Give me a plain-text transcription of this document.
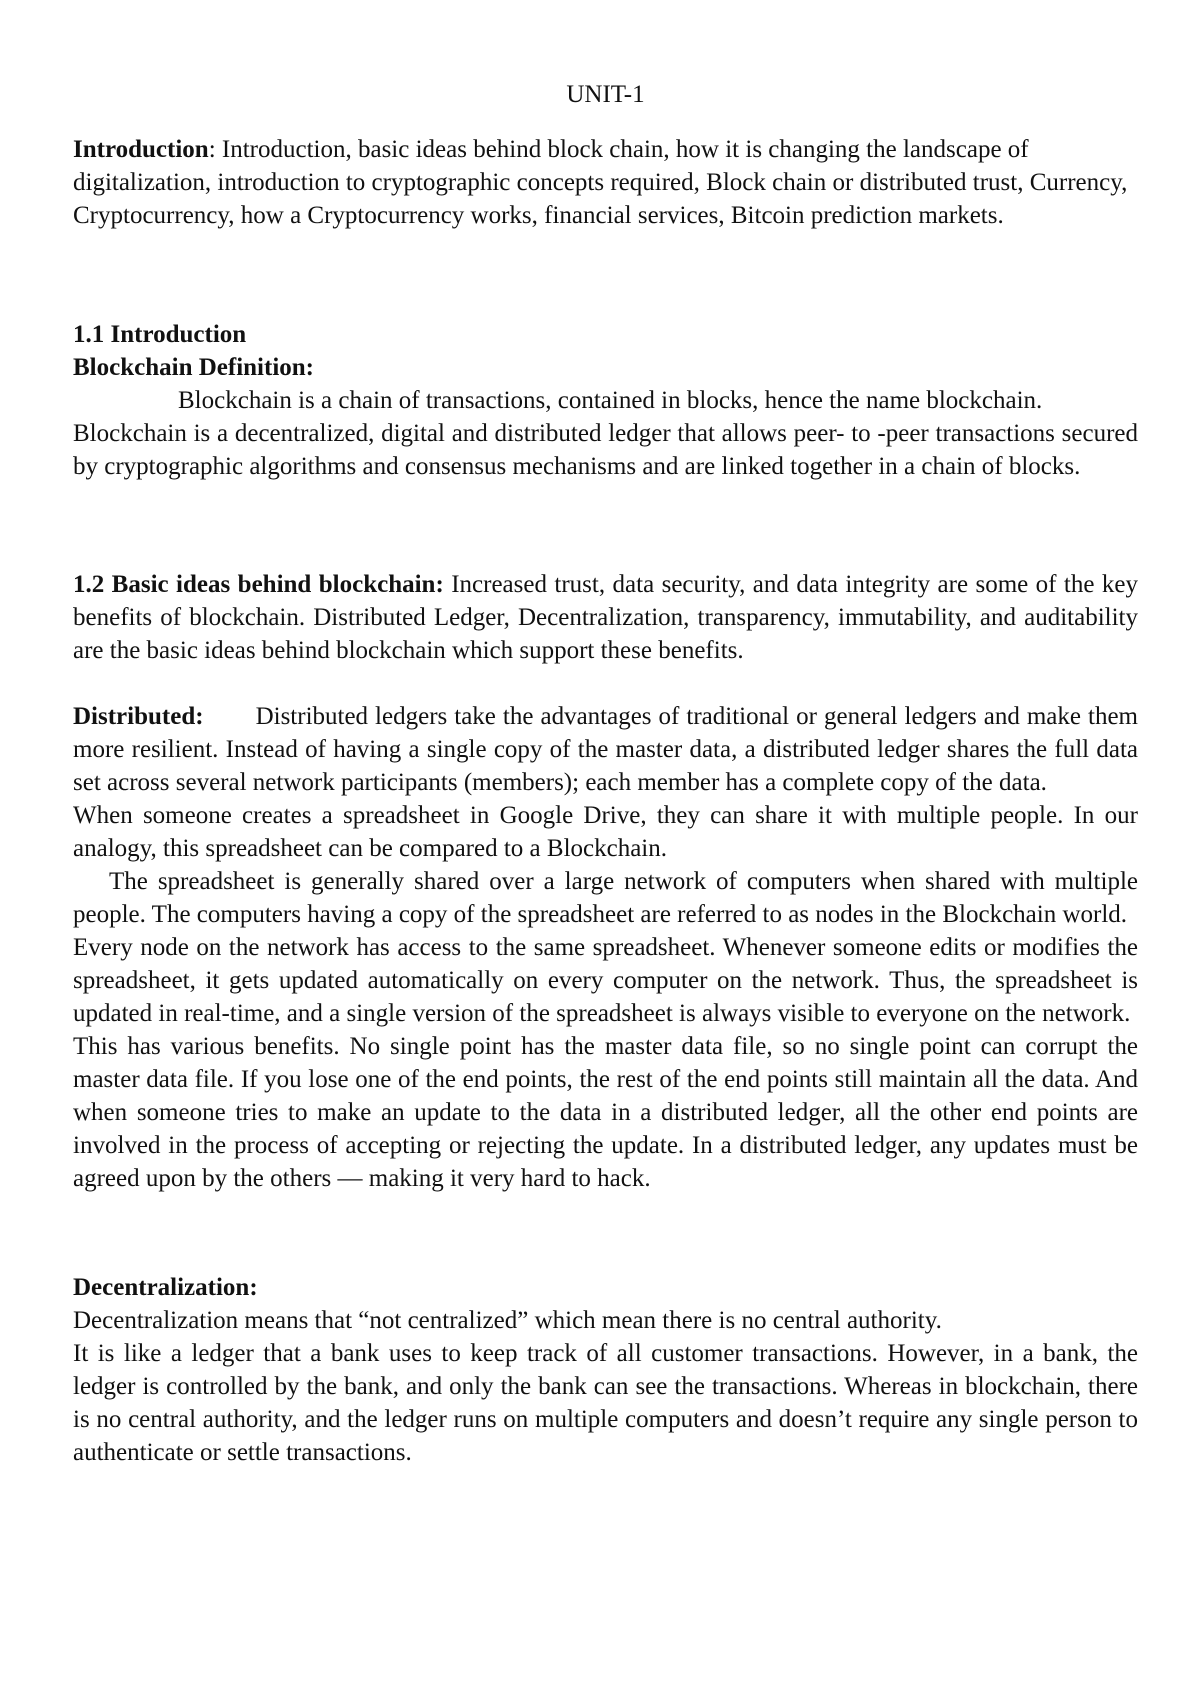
UNIT-1
Introduction: Introduction, basic ideas behind block chain, how it is changing the landscape of
digitalization, introduction to cryptographic concepts required, Block chain or distributed trust, Currency,
Cryptocurrency, how a Cryptocurrency works, financial services, Bitcoin prediction markets.
1.1 Introduction
Blockchain Definition:
Blockchain is a chain of transactions, contained in blocks, hence the name blockchain.
Blockchain is a decentralized, digital and distributed ledger that allows peer- to -peer transactions secured by cryptographic algorithms and consensus mechanisms and are linked together in a chain of blocks.
1.2 Basic ideas behind blockchain: Increased trust, data security, and data integrity are some of the key benefits of blockchain. Distributed Ledger, Decentralization, transparency, immutability, and auditability are the basic ideas behind blockchain which support these benefits.
Distributed: Distributed ledgers take the advantages of traditional or general ledgers and make them more resilient. Instead of having a single copy of the master data, a distributed ledger shares the full data set across several network participants (members); each member has a complete copy of the data.
When someone creates a spreadsheet in Google Drive, they can share it with multiple people. In our analogy, this spreadsheet can be compared to a Blockchain.
The spreadsheet is generally shared over a large network of computers when shared with multiple people. The computers having a copy of the spreadsheet are referred to as nodes in the Blockchain world.
Every node on the network has access to the same spreadsheet. Whenever someone edits or modifies the spreadsheet, it gets updated automatically on every computer on the network. Thus, the spreadsheet is updated in real-time, and a single version of the spreadsheet is always visible to everyone on the network.
This has various benefits. No single point has the master data file, so no single point can corrupt the master data file. If you lose one of the end points, the rest of the end points still maintain all the data. And when someone tries to make an update to the data in a distributed ledger, all the other end points are involved in the process of accepting or rejecting the update. In a distributed ledger, any updates must be agreed upon by the others — making it very hard to hack.
Decentralization:
Decentralization means that “not centralized” which mean there is no central authority.
It is like a ledger that a bank uses to keep track of all customer transactions. However, in a bank, the ledger is controlled by the bank, and only the bank can see the transactions. Whereas in blockchain, there is no central authority, and the ledger runs on multiple computers and doesn’t require any single person to authenticate or settle transactions.
